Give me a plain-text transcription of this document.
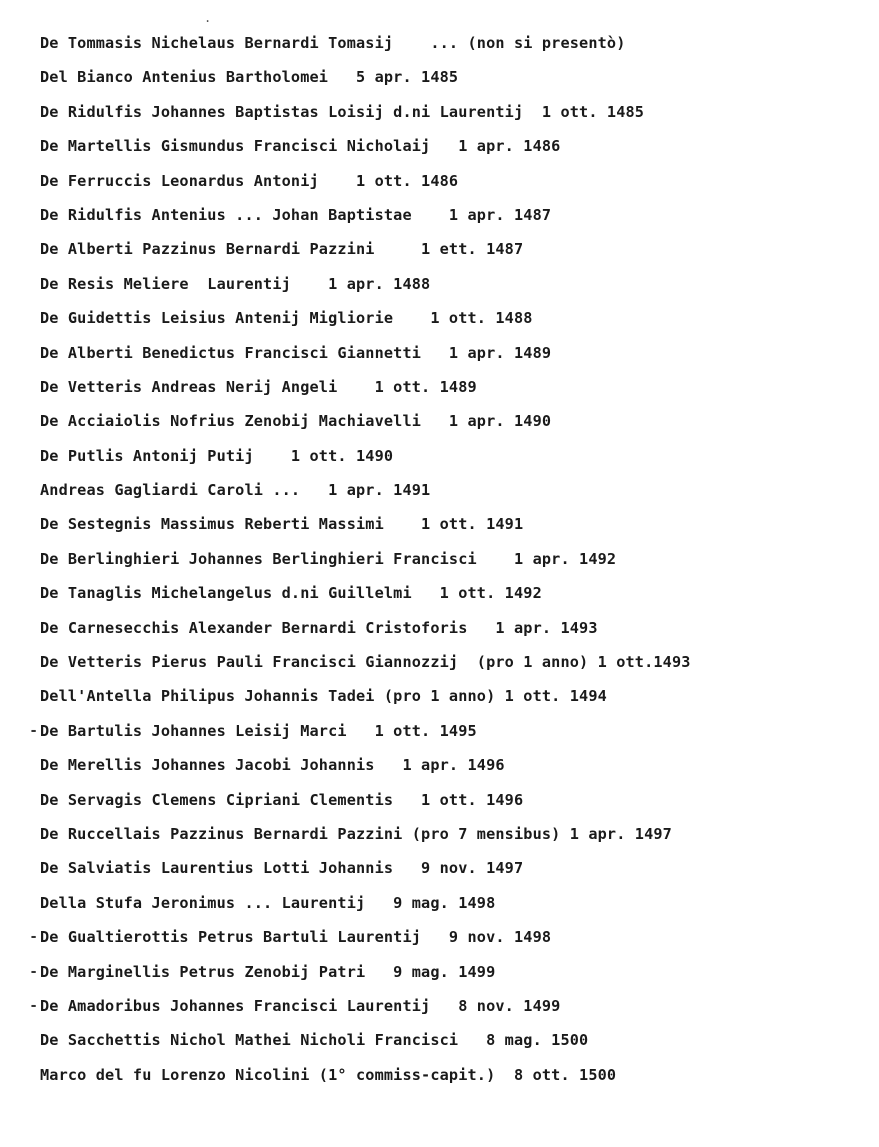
.
De Tommasis Nichelaus Bernardi Tomasij    ... (non si presentò)
Del Bianco Antenius Bartholomei   5 apr. 1485
De Ridulfis Johannes Baptistas Loisij d.ni Laurentij  1 ott. 1485
De Martellis Gismundus Francisci Nicholaij   1 apr. 1486
De Ferruccis Leonardus Antonij    1 ott. 1486
De Ridulfis Antenius ... Johan Baptistae    1 apr. 1487
De Alberti Pazzinus Bernardi Pazzini     1 ett. 1487
De Resis Meliere  Laurentij    1 apr. 1488
De Guidettis Leisius Antenij Migliorie    1 ott. 1488
De Alberti Benedictus Francisci Giannetti   1 apr. 1489
De Vetteris Andreas Nerij Angeli    1 ott. 1489
De Acciaiolis Nofrius Zenobij Machiavelli   1 apr. 1490
De Putlis Antonij Putij    1 ott. 1490
Andreas Gagliardi Caroli ...   1 apr. 1491
De Sestegnis Massimus Reberti Massimi    1 ott. 1491
De Berlinghieri Johannes Berlinghieri Francisci    1 apr. 1492
De Tanaglis Michelangelus d.ni Guillelmi   1 ott. 1492
De Carnesecchis Alexander Bernardi Cristoforis   1 apr. 1493
De Vetteris Pierus Pauli Francisci Giannozzij  (pro 1 anno) 1 ott.1493
Dell'Antella Philipus Johannis Tadei (pro 1 anno) 1 ott. 1494
- De Bartulis Johannes Leisij Marci   1 ott. 1495
De Merellis Johannes Jacobi Johannis   1 apr. 1496
De Servagis Clemens Cipriani Clementis   1 ott. 1496
De Ruccellais Pazzinus Bernardi Pazzini (pro 7 mensibus) 1 apr. 1497
De Salviatis Laurentius Lotti Johannis   9 nov. 1497
Della Stufa Jeronimus ... Laurentij   9 mag. 1498
- De Gualtierottis Petrus Bartuli Laurentij   9 nov. 1498
- De Marginellis Petrus Zenobij Patri   9 mag. 1499
- De Amadoribus Johannes Francisci Laurentij   8 nov. 1499
De Sacchettis Nichol Mathei Nicholi Francisci   8 mag. 1500
Marco del fu Lorenzo Nicolini (1° commiss-capit.)  8 ott. 1500
